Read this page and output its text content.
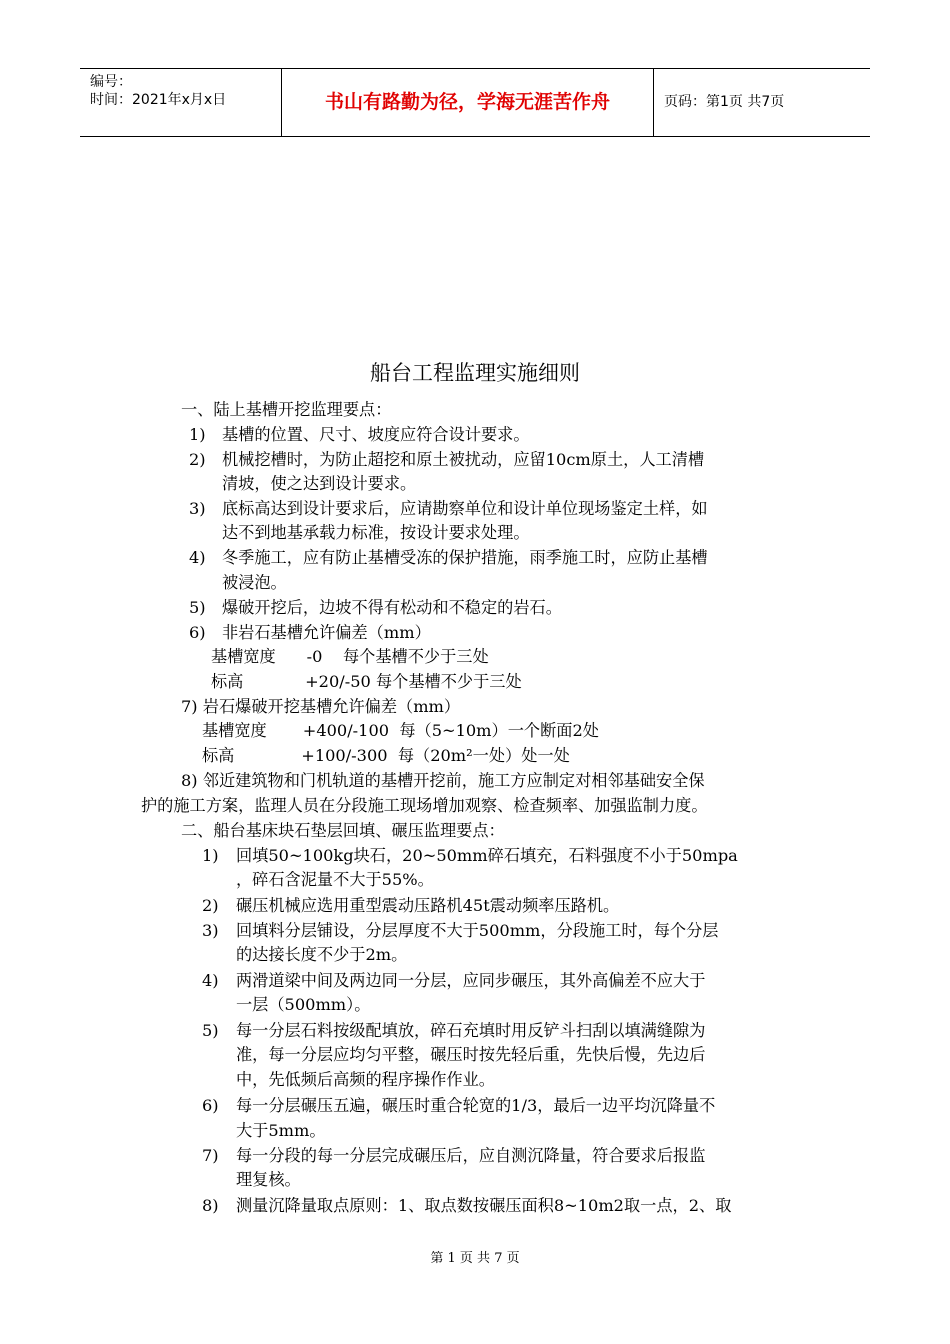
编号：
时间：2021年x月x日	书山有路勤为径，学海无涯苦作舟	页码：第1页 共7页
船台工程监理实施细则
一、陆上基槽开挖监理要点：
1) 基槽的位置、尺寸、坡度应符合设计要求。
2) 机械挖槽时，为防止超挖和原土被扰动，应留10cm原土，人工清槽
清坡，使之达到设计要求。
3) 底标高达到设计要求后，应请勘察单位和设计单位现场鉴定土样，如
达不到地基承载力标准，按设计要求处理。
4) 冬季施工，应有防止基槽受冻的保护措施，雨季施工时，应防止基槽
被浸泡。
5) 爆破开挖后，边坡不得有松动和不稳定的岩石。
6) 非岩石基槽允许偏差（mm）
基槽宽度      -0    每个基槽不少于三处
标高            +20/-50 每个基槽不少于三处
7) 岩石爆破开挖基槽允许偏差（mm）
基槽宽度       +400/-100  每（5~10m）一个断面2处
标高             +100/-300  每（20m²一处）处一处
8) 邻近建筑物和门机轨道的基槽开挖前，施工方应制定对相邻基础安全保
护的施工方案，监理人员在分段施工现场增加观察、检查频率、加强监制力度。
二、船台基床块石垫层回填、碾压监理要点：
1) 回填50~100kg块石，20~50mm碎石填充，石料强度不小于50mpa
，碎石含泥量不大于55%。
2) 碾压机械应选用重型震动压路机45t震动频率压路机。
3) 回填料分层铺设，分层厚度不大于500mm，分段施工时，每个分层
的达接长度不少于2m。
4) 两滑道梁中间及两边同一分层，应同步碾压，其外高偏差不应大于
一层（500mm）。
5) 每一分层石料按级配填放，碎石充填时用反铲斗扫刮以填满缝隙为
准，每一分层应均匀平整，碾压时按先轻后重，先快后慢，先边后
中，先低频后高频的程序操作作业。
6) 每一分层碾压五遍，碾压时重合轮宽的1/3，最后一边平均沉降量不
大于5mm。
7) 每一分段的每一分层完成碾压后，应自测沉降量，符合要求后报监
理复核。
8) 测量沉降量取点原则：1、取点数按碾压面积8~10m2取一点，2、取
第 1 页 共 7 页
